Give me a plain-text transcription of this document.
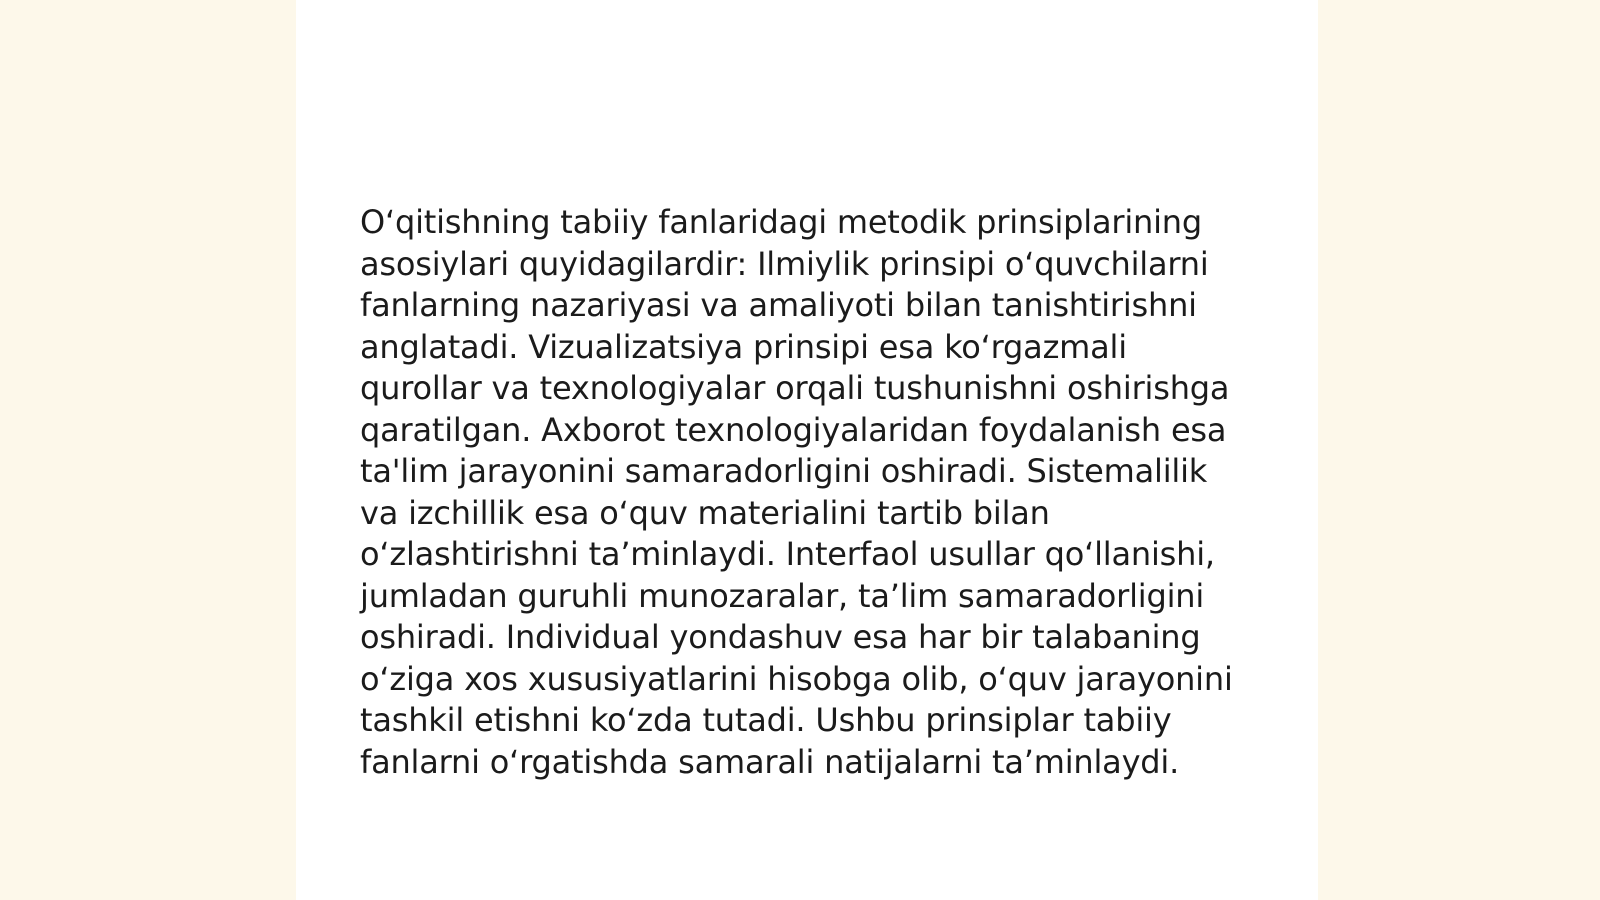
O‘qitishning tabiiy fanlaridagi metodik prinsiplarining asosiylari quyidagilardir: Ilmiylik prinsipi o‘quvchilarni fanlarning nazariyasi va amaliyoti bilan tanishtirishni anglatadi. Vizualizatsiya prinsipi esa ko‘rgazmali qurollar va texnologiyalar orqali tushunishni oshirishga qaratilgan. Axborot texnologiyalaridan foydalanish esa ta'lim jarayonini samaradorligini oshiradi. Sistemalilik va izchillik esa o‘quv materialini tartib bilan o‘zlashtirishni ta’minlaydi. Interfaol usullar qo‘llanishi, jumladan guruhli munozaralar, ta’lim samaradorligini oshiradi. Individual yondashuv esa har bir talabaning o‘ziga xos xususiyatlarini hisobga olib, o‘quv jarayonini tashkil etishni ko‘zda tutadi. Ushbu prinsiplar tabiiy fanlarni o‘rgatishda samarali natijalarni ta’minlaydi.
